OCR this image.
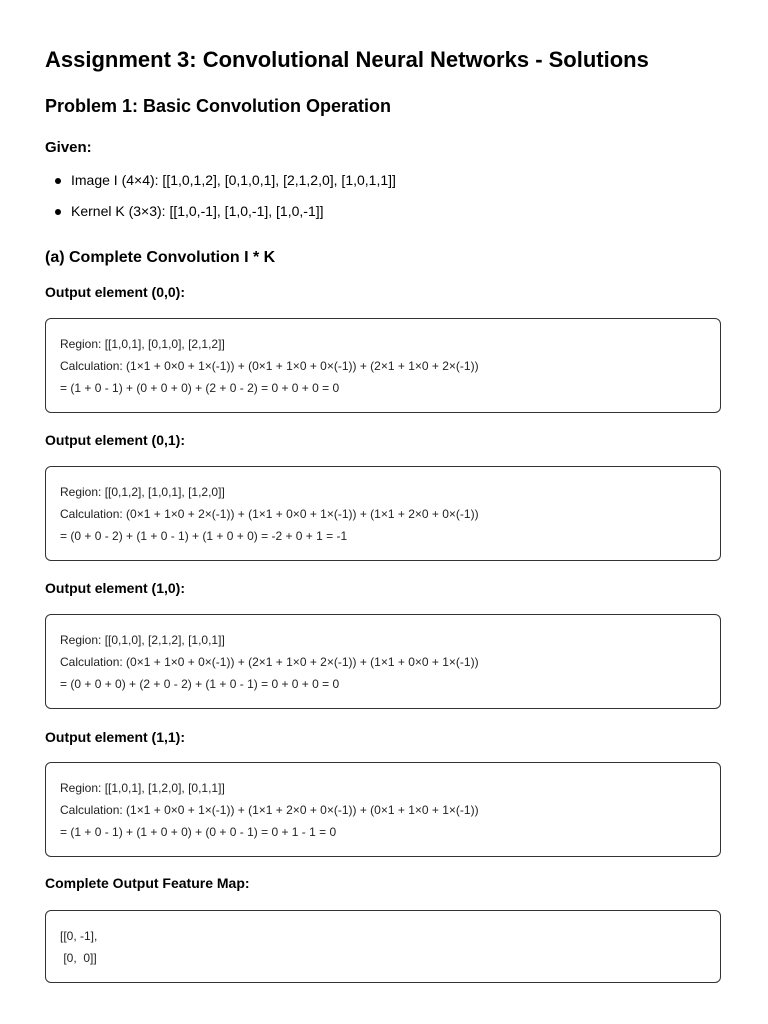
Assignment 3: Convolutional Neural Networks - Solutions
Problem 1: Basic Convolution Operation
Given:
Image I (4×4): [[1,0,1,2], [0,1,0,1], [2,1,2,0], [1,0,1,1]]
Kernel K (3×3): [[1,0,-1], [1,0,-1], [1,0,-1]]
(a) Complete Convolution I * K
Output element (0,0):
Region: [[1,0,1], [0,1,0], [2,1,2]]
Calculation: (1×1 + 0×0 + 1×(-1)) + (0×1 + 1×0 + 0×(-1)) + (2×1 + 1×0 + 2×(-1))
= (1 + 0 - 1) + (0 + 0 + 0) + (2 + 0 - 2) = 0 + 0 + 0 = 0
Output element (0,1):
Region: [[0,1,2], [1,0,1], [1,2,0]]
Calculation: (0×1 + 1×0 + 2×(-1)) + (1×1 + 0×0 + 1×(-1)) + (1×1 + 2×0 + 0×(-1))
= (0 + 0 - 2) + (1 + 0 - 1) + (1 + 0 + 0) = -2 + 0 + 1 = -1
Output element (1,0):
Region: [[0,1,0], [2,1,2], [1,0,1]]
Calculation: (0×1 + 1×0 + 0×(-1)) + (2×1 + 1×0 + 2×(-1)) + (1×1 + 0×0 + 1×(-1))
= (0 + 0 + 0) + (2 + 0 - 2) + (1 + 0 - 1) = 0 + 0 + 0 = 0
Output element (1,1):
Region: [[1,0,1], [1,2,0], [0,1,1]]
Calculation: (1×1 + 0×0 + 1×(-1)) + (1×1 + 2×0 + 0×(-1)) + (0×1 + 1×0 + 1×(-1))
= (1 + 0 - 1) + (1 + 0 + 0) + (0 + 0 - 1) = 0 + 1 - 1 = 0
Complete Output Feature Map:
[[0, -1],
[0,  0]]
